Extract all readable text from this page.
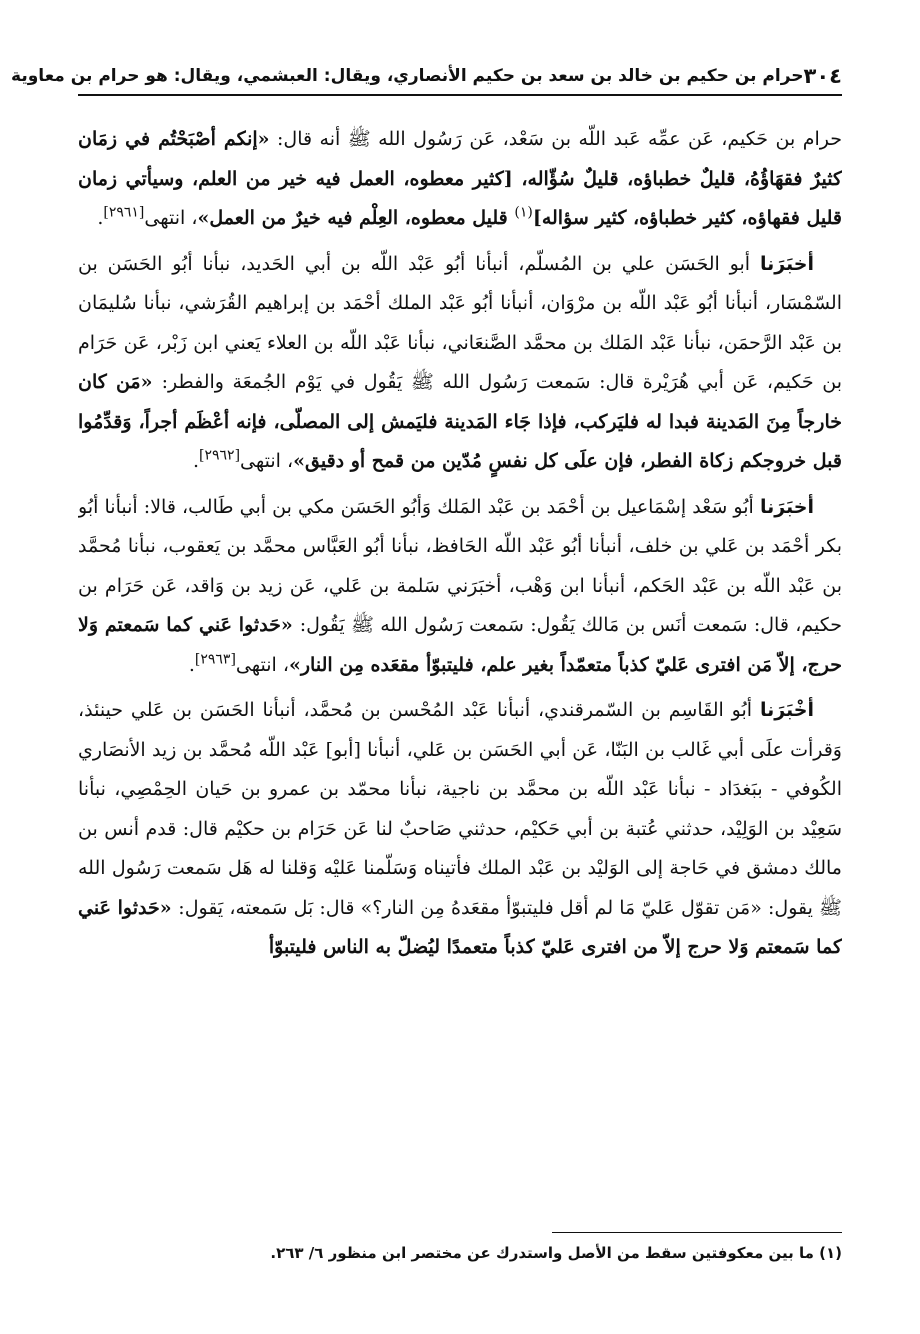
٣٠٤
حرام بن حكيم بن خالد بن سعد بن حكيم الأنصاري، ويقال: العبشمي، ويقال: هو حرام بن معاوية

حرام بن حَكيم، عَن عمِّه عَبد اللّه بن سَعْد، عَن رَسُول الله ﷺ أنه قال: «إنكم أصْبَحْتُم في زمَان كثيرٌ فقهَاؤُهُ، قليلٌ خطباؤه، قليلٌ سُؤّاله، [كثير معطوه، العمل فيه خير من العلم، وسيأتي زمان قليل فقهاؤه، كثير خطباؤه، كثير سؤاله]$^{(١)}$ قليل معطوه، العِلْم فيه خيرٌ من العمل»، انتهى[٢٩٦١].

أخبَرَنا أبو الحَسَن علي بن المُسلّم، أنبأنا أبُو عَبْد اللّه بن أبي الحَديد، نبأنا أبُو الحَسَن بن السّمْسَار، أنبأنا أبُو عَبْد اللّه بن مرْوَان، أنبأنا أبُو عَبْد الملك أحْمَد بن إبراهيم القُرَشي، نبأنا سُليمَان بن عَبْد الرَّحمَن، نبأنا عَبْد المَلك بن محمَّد الصَّنعَاني، نبأنا عَبْد اللّه بن العلاء يَعني ابن زَبْر، عَن حَرَام بن حَكيم، عَن أبي هُرَيْرة قال: سَمعت رَسُول الله ﷺ يَقُول في يَوْم الجُمعَة والفطر: «مَن كان خارجاً مِنَ المَدينة فبدا له فليَركب، فإذا جَاء المَدينة فليَمش إلى المصلّى، فإنه أعْظَم أجراً، وَقدِّمُوا قبل خروجكم زكاة الفطر، فإن علَى كل نفسٍ مُدّين من قمح أو دقيق»، انتهى[٢٩٦٢].

أخبَرَنا أبُو سَعْد إسْمَاعيل بن أحْمَد بن عَبْد المَلك وَأبُو الحَسَن مكي بن أبي طَالب، قالا: أنبأنا أبُو بكر أحْمَد بن عَلي بن خلف، أنبأنا أبُو عَبْد اللّه الحَافظ، نبأنا أبُو العَبَّاس محمَّد بن يَعقوب، نبأنا مُحمَّد بن عَبْد اللّه بن عَبْد الحَكم، أنبأنا ابن وَهْب، أخبَرَني سَلمة بن عَلي، عَن زيد بن وَاقد، عَن حَرَام بن حكيم، قال: سَمعت أنَس بن مَالك يَقُول: سَمعت رَسُول الله ﷺ يَقُول: «حَدثوا عَني كما سَمعتم وَلا حرج، إلاّ مَن افترى عَليّ كذباً متعمّداً بغير علم، فليتبوّأ مقعَده مِن النار»، انتهى[٢٩٦٣].

أخْبَرَنا أبُو القَاسِم بن السّمرقندي، أنبأنا عَبْد المُحْسن بن مُحمَّد، أنبأنا الحَسَن بن عَلي حينئذ، وَقرأت علَى أبي غَالب بن البَنّا، عَن أبي الحَسَن بن عَلي، أنبأنا [أبو] عَبْد اللّه مُحمَّد بن زيد الأنصَاري الكُوفي - ببَغدَاد - نبأنا عَبْد اللّه بن محمَّد بن ناجية، نبأنا محمّد بن عمرو بن حَيان الحِمْصِي، نبأنا سَعِيْد بن الوَلِيْد، حدثني عُتبة بن أبي حَكيْم، حدثني صَاحبٌ لنا عَن حَرَام بن حكيْم قال: قدم أنس بن مالك دمشق في حَاجة إلى الوَليْد بن عَبْد الملك فأتيناه وَسَلّمنا عَليْه وَقلنا له هَل سَمعت رَسُول الله ﷺ يقول: «مَن تقوّل عَليّ مَا لم أقل فليتبوّأ مقعَدهُ مِن النار؟» قال: بَل سَمعته، يَقول: «حَدثوا عَني كما سَمعتم وَلا حرج إلاّ من افترى عَليّ كذباً متعمدًا ليُضلّ به الناس فليتبوّأ

(١) ما بين معكوفتين سقط من الأصل واستدرك عن مختصر ابن منظور ٦/ ٢٦٣.
